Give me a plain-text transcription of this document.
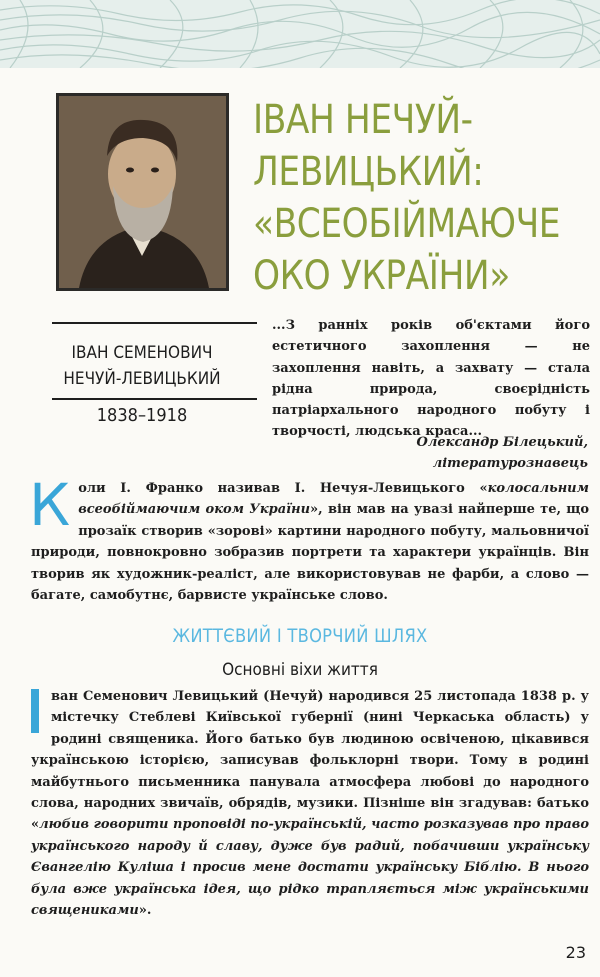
ІВАН НЕЧУЙ-
ЛЕВИЦЬКИЙ:
«ВСЕОБІЙМАЮЧЕ
ОКО УКРАЇНИ»
ІВАН СЕМЕНОВИЧ
НЕЧУЙ-ЛЕВИЦЬКИЙ
1838–1918
...З ранніх років об'єктами його естетичного захоплення — не захоплення навіть, а захвату — стала рідна природа, своєрідність патріархального народного побуту і творчості, людська краса...
Олександр Білецький,
літературознавець
Коли І. Франко називав І. Нечуя-Левицького «колосальним всеобіймаючим оком України», він мав на увазі найперше те, що прозаїк створив «зорові» картини народного побуту, мальовничої природи, повнокровно зобразив портрети та характери українців. Він творив як художник-реаліст, але використовував не фарби, а слово — багате, самобутнє, барвисте українське слово.
ЖИТТЄВИЙ І ТВОРЧИЙ ШЛЯХ
Основні віхи життя
ван Семенович Левицький (Нечуй) народився 25 листопада 1838 р. у містечку Стеблеві Київської губернії (нині Черкаська область) у родині священика. Його батько був людиною освіченою, цікавився українською історією, записував фольклорні твори. Тому в родині майбутнього письменника панувала атмосфера любові до народного слова, народних звичаїв, обрядів, музики. Пізніше він згадував: батько «любив говорити проповіді по-українській, часто розказував про право українського народу й славу, дуже був радий, побачивши українську Євангелію Куліша і просив мене достати українську Біблію. В нього була вже українська ідея, що рідко трапляється між українськими священиками».
23
